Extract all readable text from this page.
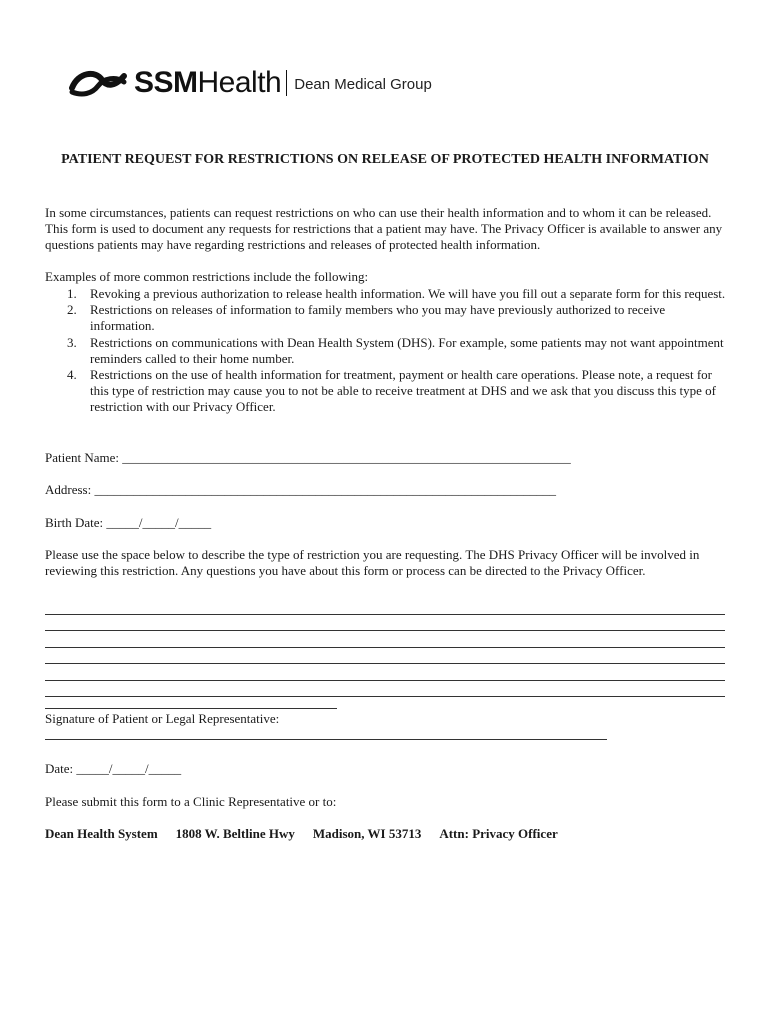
SSMHealth Dean Medical Group
PATIENT REQUEST FOR RESTRICTIONS ON RELEASE OF PROTECTED HEALTH INFORMATION
In some circumstances, patients can request restrictions on who can use their health information and to whom it can be released. This form is used to document any requests for restrictions that a patient may have. The Privacy Officer is available to answer any questions patients may have regarding restrictions and releases of protected health information.
Examples of more common restrictions include the following:
1. Revoking a previous authorization to release health information. We will have you fill out a separate form for this request.
2. Restrictions on releases of information to family members who you may have previously authorized to receive information.
3. Restrictions on communications with Dean Health System (DHS). For example, some patients may not want appointment reminders called to their home number.
4. Restrictions on the use of health information for treatment, payment or health care operations. Please note, a request for this type of restriction may cause you to not be able to receive treatment at DHS and we ask that you discuss this type of restriction with our Privacy Officer.
Patient Name: _____________________________________________________________________
Address: _______________________________________________________________________
Birth Date: _____/_____/_____
Please use the space below to describe the type of restriction you are requesting. The DHS Privacy Officer will be involved in reviewing this restriction. Any questions you have about this form or process can be directed to the Privacy Officer.
Signature of Patient or Legal Representative:
Date: _____/_____/_____
Please submit this form to a Clinic Representative or to:
Dean Health System 1808 W. Beltline Hwy Madison, WI 53713 Attn: Privacy Officer
